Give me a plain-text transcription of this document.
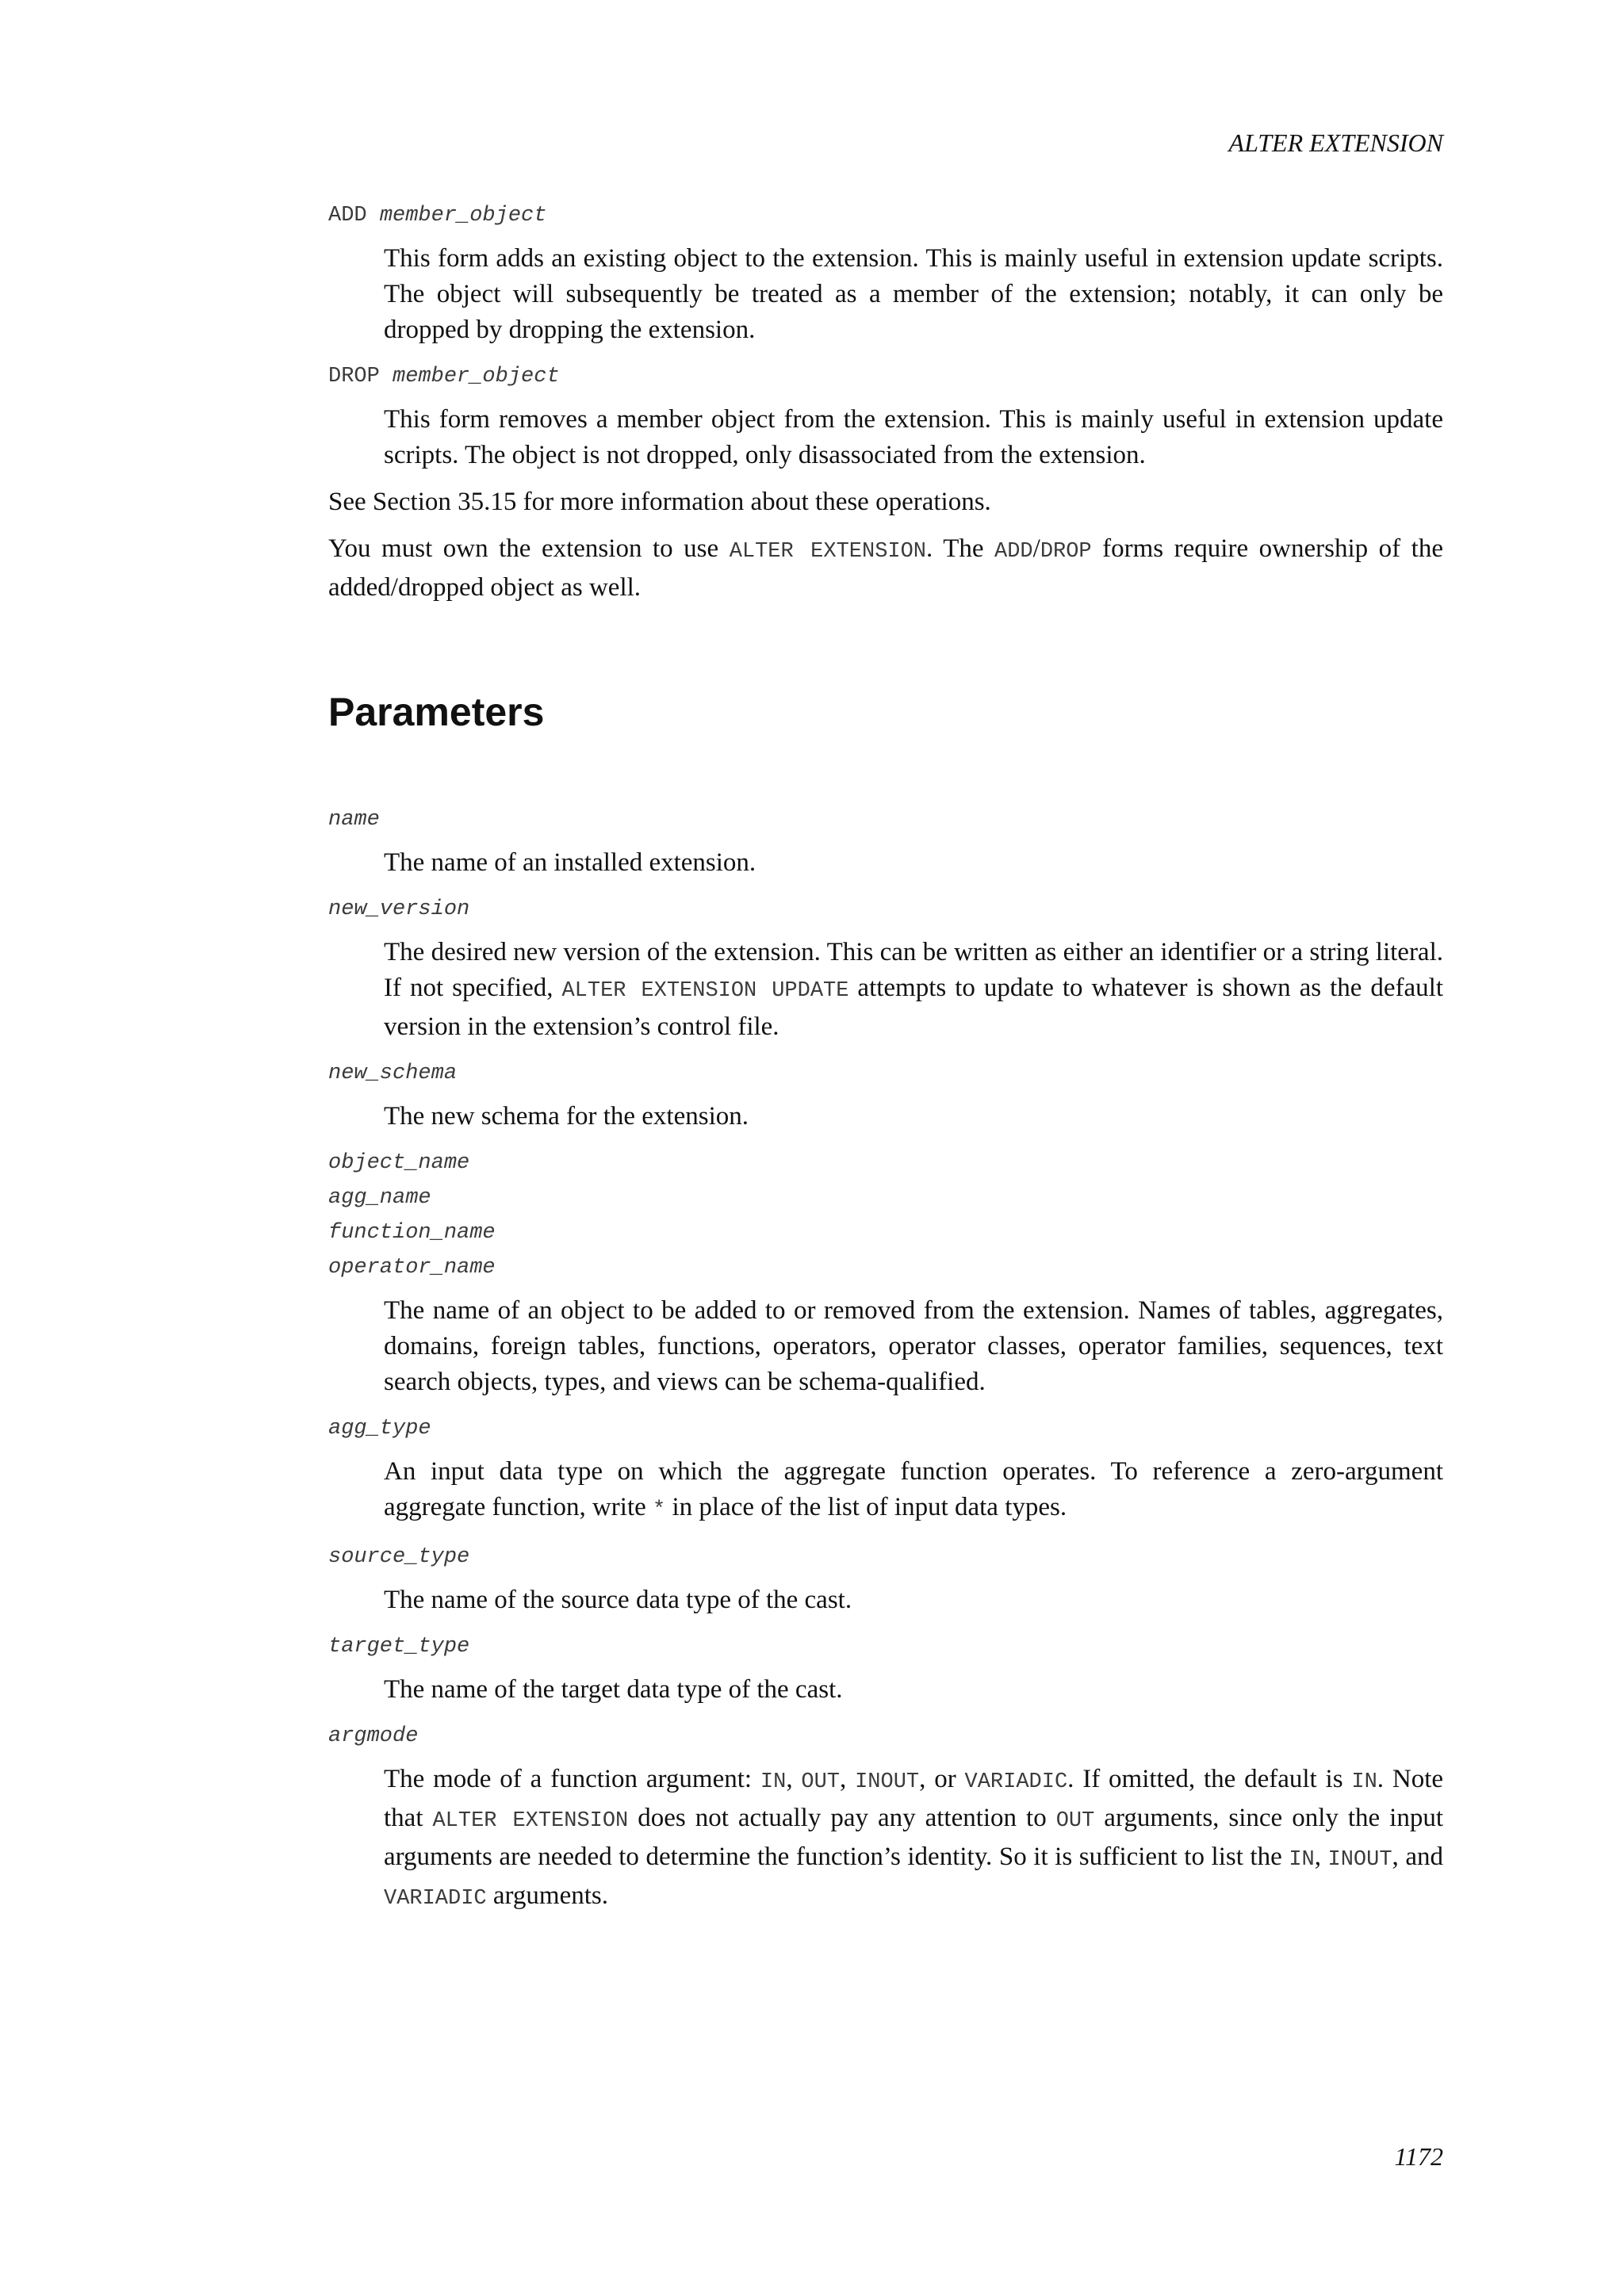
ALTER EXTENSION
ADD member_object

This form adds an existing object to the extension. This is mainly useful in extension update scripts. The object will subsequently be treated as a member of the extension; notably, it can only be dropped by dropping the extension.

DROP member_object

This form removes a member object from the extension. This is mainly useful in extension update scripts. The object is not dropped, only disassociated from the extension.

See Section 35.15 for more information about these operations.

You must own the extension to use ALTER EXTENSION. The ADD/DROP forms require ownership of the added/dropped object as well.

Parameters
name

The name of an installed extension.

new_version

The desired new version of the extension. This can be written as either an identifier or a string literal. If not specified, ALTER EXTENSION UPDATE attempts to update to whatever is shown as the default version in the extension’s control file.

new_schema

The new schema for the extension.

object_name
agg_name
function_name
operator_name

The name of an object to be added to or removed from the extension. Names of tables, aggregates, domains, foreign tables, functions, operators, operator classes, operator families, sequences, text search objects, types, and views can be schema-qualified.

agg_type

An input data type on which the aggregate function operates. To reference a zero-argument aggregate function, write * in place of the list of input data types.

source_type

The name of the source data type of the cast.

target_type

The name of the target data type of the cast.

argmode

The mode of a function argument: IN, OUT, INOUT, or VARIADIC. If omitted, the default is IN. Note that ALTER EXTENSION does not actually pay any attention to OUT arguments, since only the input arguments are needed to determine the function’s identity. So it is sufficient to list the IN, INOUT, and VARIADIC arguments.

1172
